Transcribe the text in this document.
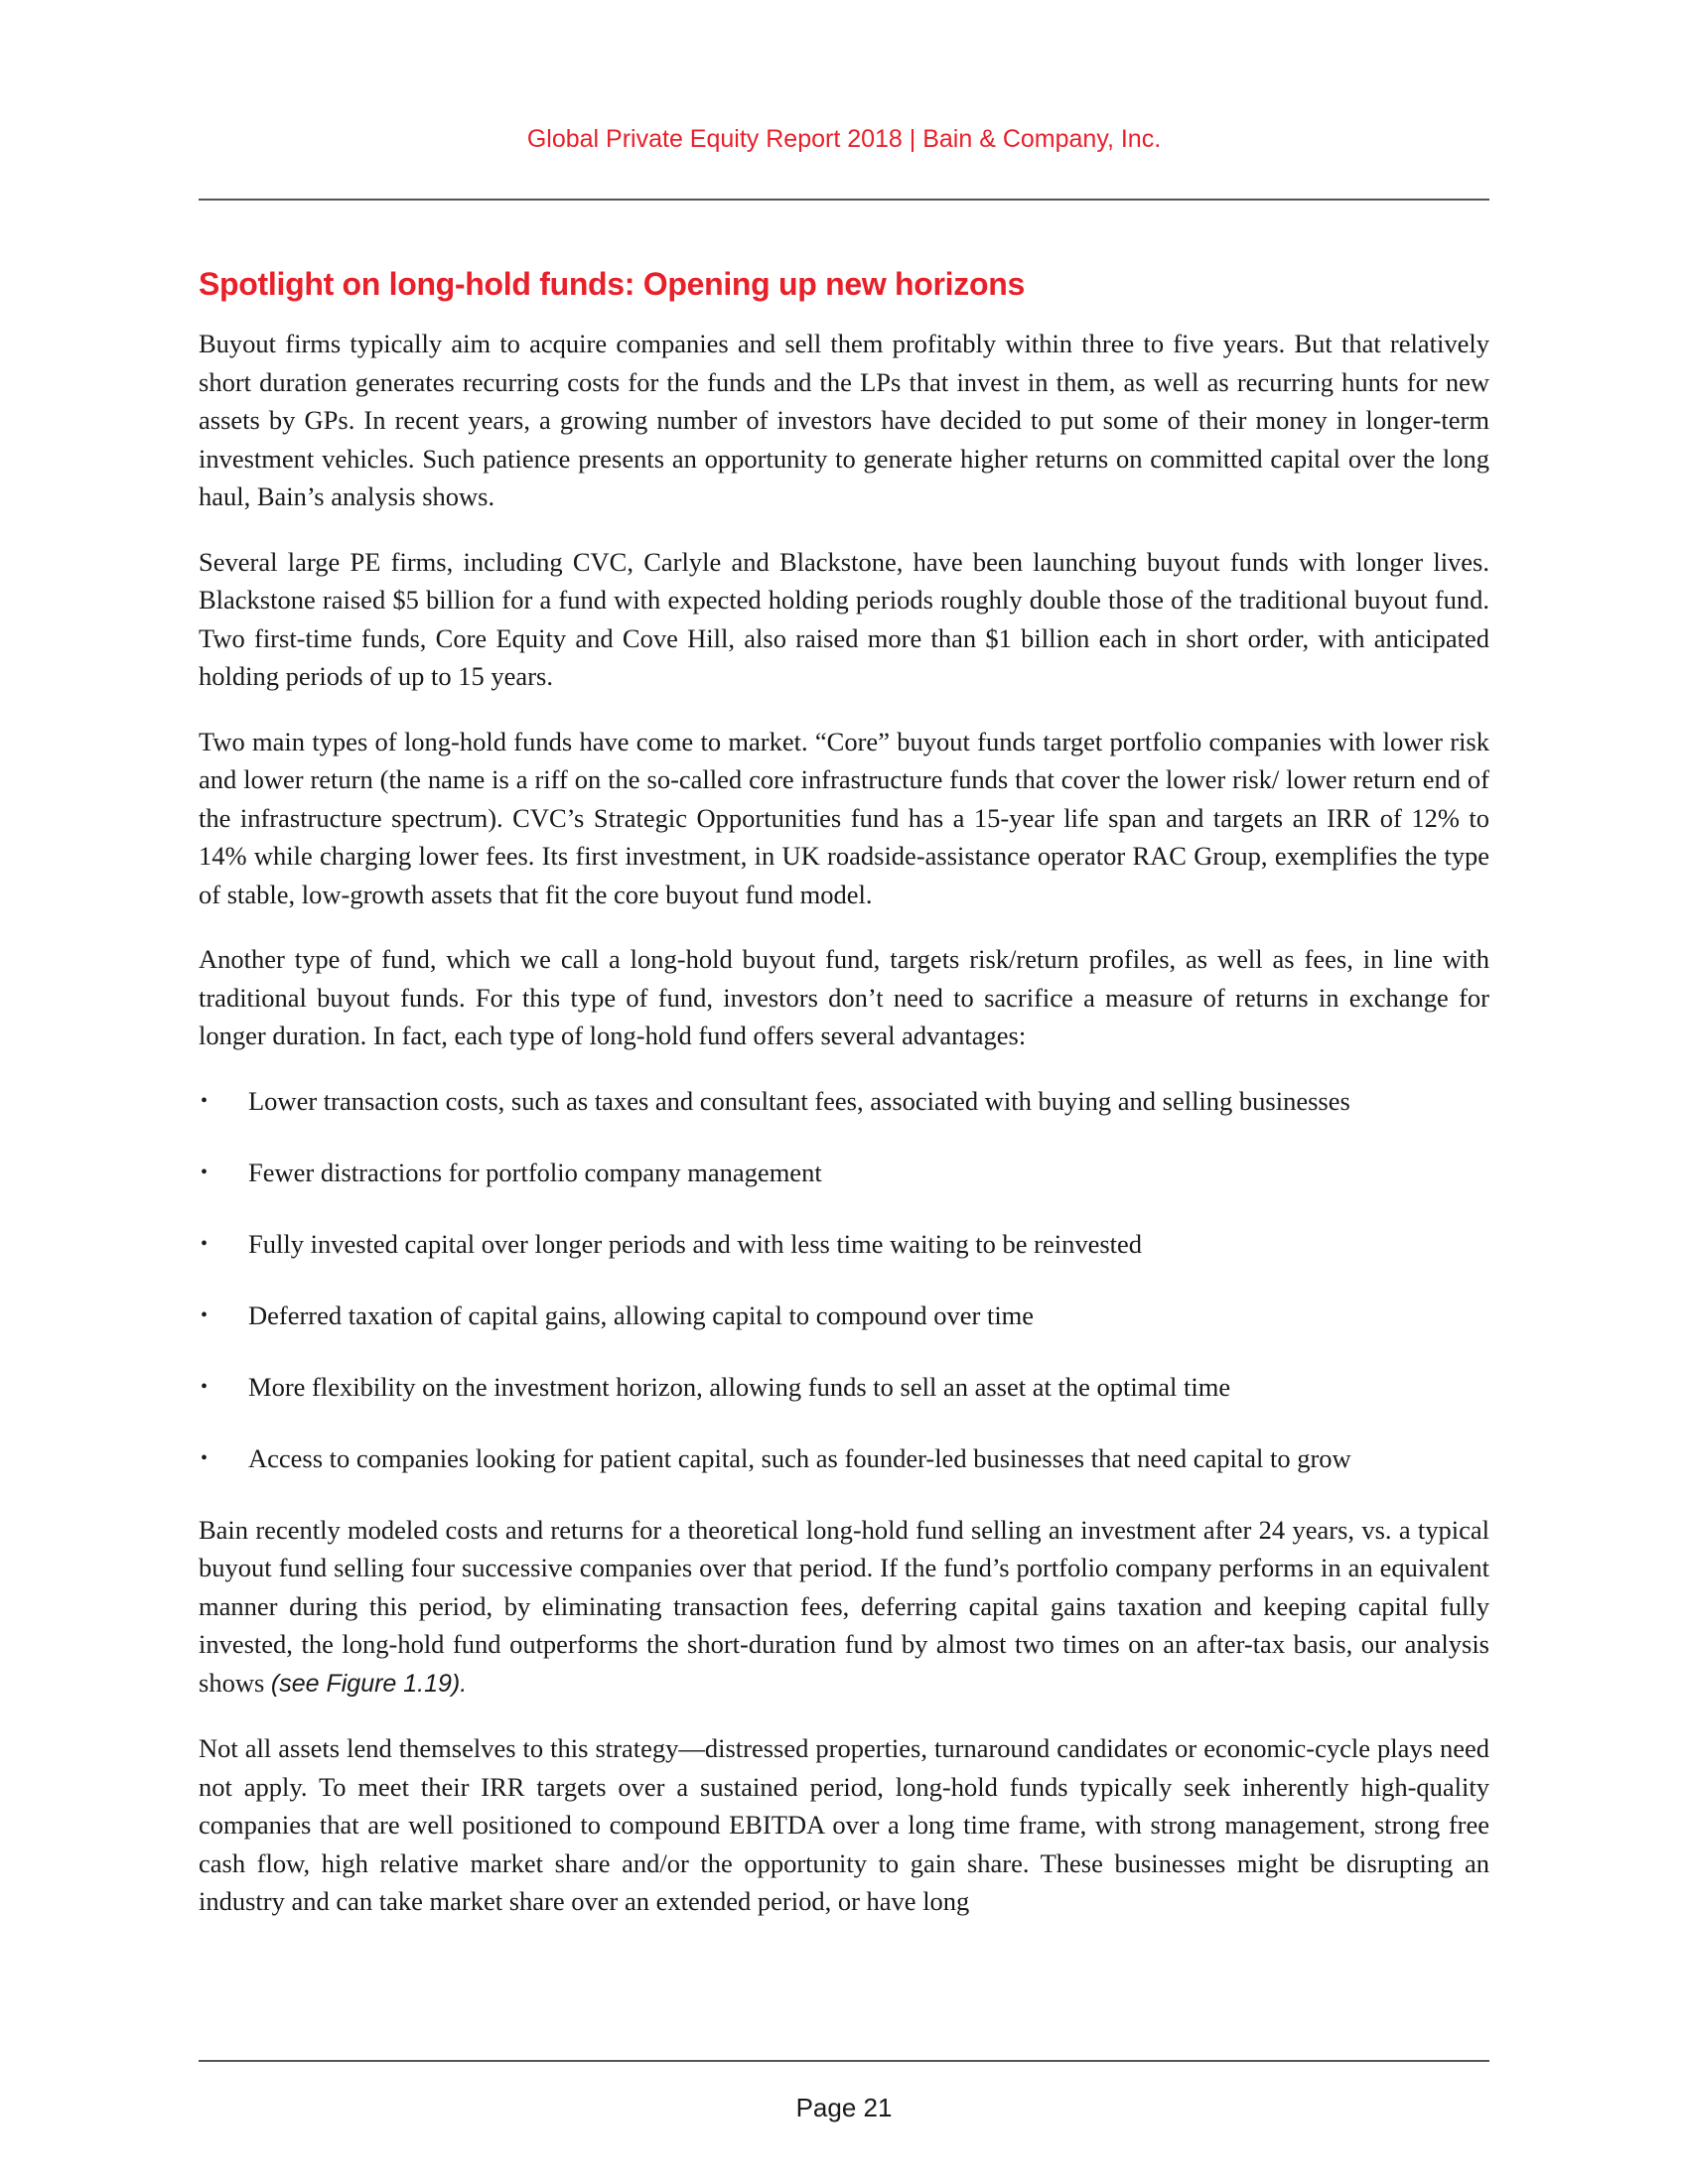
Global Private Equity Report 2018 | Bain & Company, Inc.
Spotlight on long-hold funds: Opening up new horizons

Buyout firms typically aim to acquire companies and sell them profitably within three to five years. But that relatively short duration generates recurring costs for the funds and the LPs that invest in them, as well as recurring hunts for new assets by GPs. In recent years, a growing number of investors have decided to put some of their money in longer-term investment vehicles. Such patience presents an opportunity to generate higher returns on committed capital over the long haul, Bain’s analysis shows.

Several large PE firms, including CVC, Carlyle and Blackstone, have been launching buyout funds with longer lives. Blackstone raised $5 billion for a fund with expected holding periods roughly double those of the traditional buyout fund. Two first-time funds, Core Equity and Cove Hill, also raised more than $1 billion each in short order, with anticipated holding periods of up to 15 years.

Two main types of long-hold funds have come to market. “Core” buyout funds target portfolio companies with lower risk and lower return (the name is a riff on the so-called core infrastructure funds that cover the lower risk/ lower return end of the infrastructure spectrum). CVC’s Strategic Opportunities fund has a 15-year life span and targets an IRR of 12% to 14% while charging lower fees. Its first investment, in UK roadside-assistance operator RAC Group, exemplifies the type of stable, low-growth assets that fit the core buyout fund model.

Another type of fund, which we call a long-hold buyout fund, targets risk/return profiles, as well as fees, in line with traditional buyout funds. For this type of fund, investors don’t need to sacrifice a measure of returns in exchange for longer duration. In fact, each type of long-hold fund offers several advantages:

• Lower transaction costs, such as taxes and consultant fees, associated with buying and selling businesses
• Fewer distractions for portfolio company management
• Fully invested capital over longer periods and with less time waiting to be reinvested
• Deferred taxation of capital gains, allowing capital to compound over time
• More flexibility on the investment horizon, allowing funds to sell an asset at the optimal time
• Access to companies looking for patient capital, such as founder-led businesses that need capital to grow

Bain recently modeled costs and returns for a theoretical long-hold fund selling an investment after 24 years, vs. a typical buyout fund selling four successive companies over that period. If the fund’s portfolio company performs in an equivalent manner during this period, by eliminating transaction fees, deferring capital gains taxation and keeping capital fully invested, the long-hold fund outperforms the short-duration fund by almost two times on an after-tax basis, our analysis shows (see Figure 1.19).

Not all assets lend themselves to this strategy—distressed properties, turnaround candidates or economic-cycle plays need not apply. To meet their IRR targets over a sustained period, long-hold funds typically seek inherently high-quality companies that are well positioned to compound EBITDA over a long time frame, with strong management, strong free cash flow, high relative market share and/or the opportunity to gain share. These businesses might be disrupting an industry and can take market share over an extended period, or have long

Page 21
